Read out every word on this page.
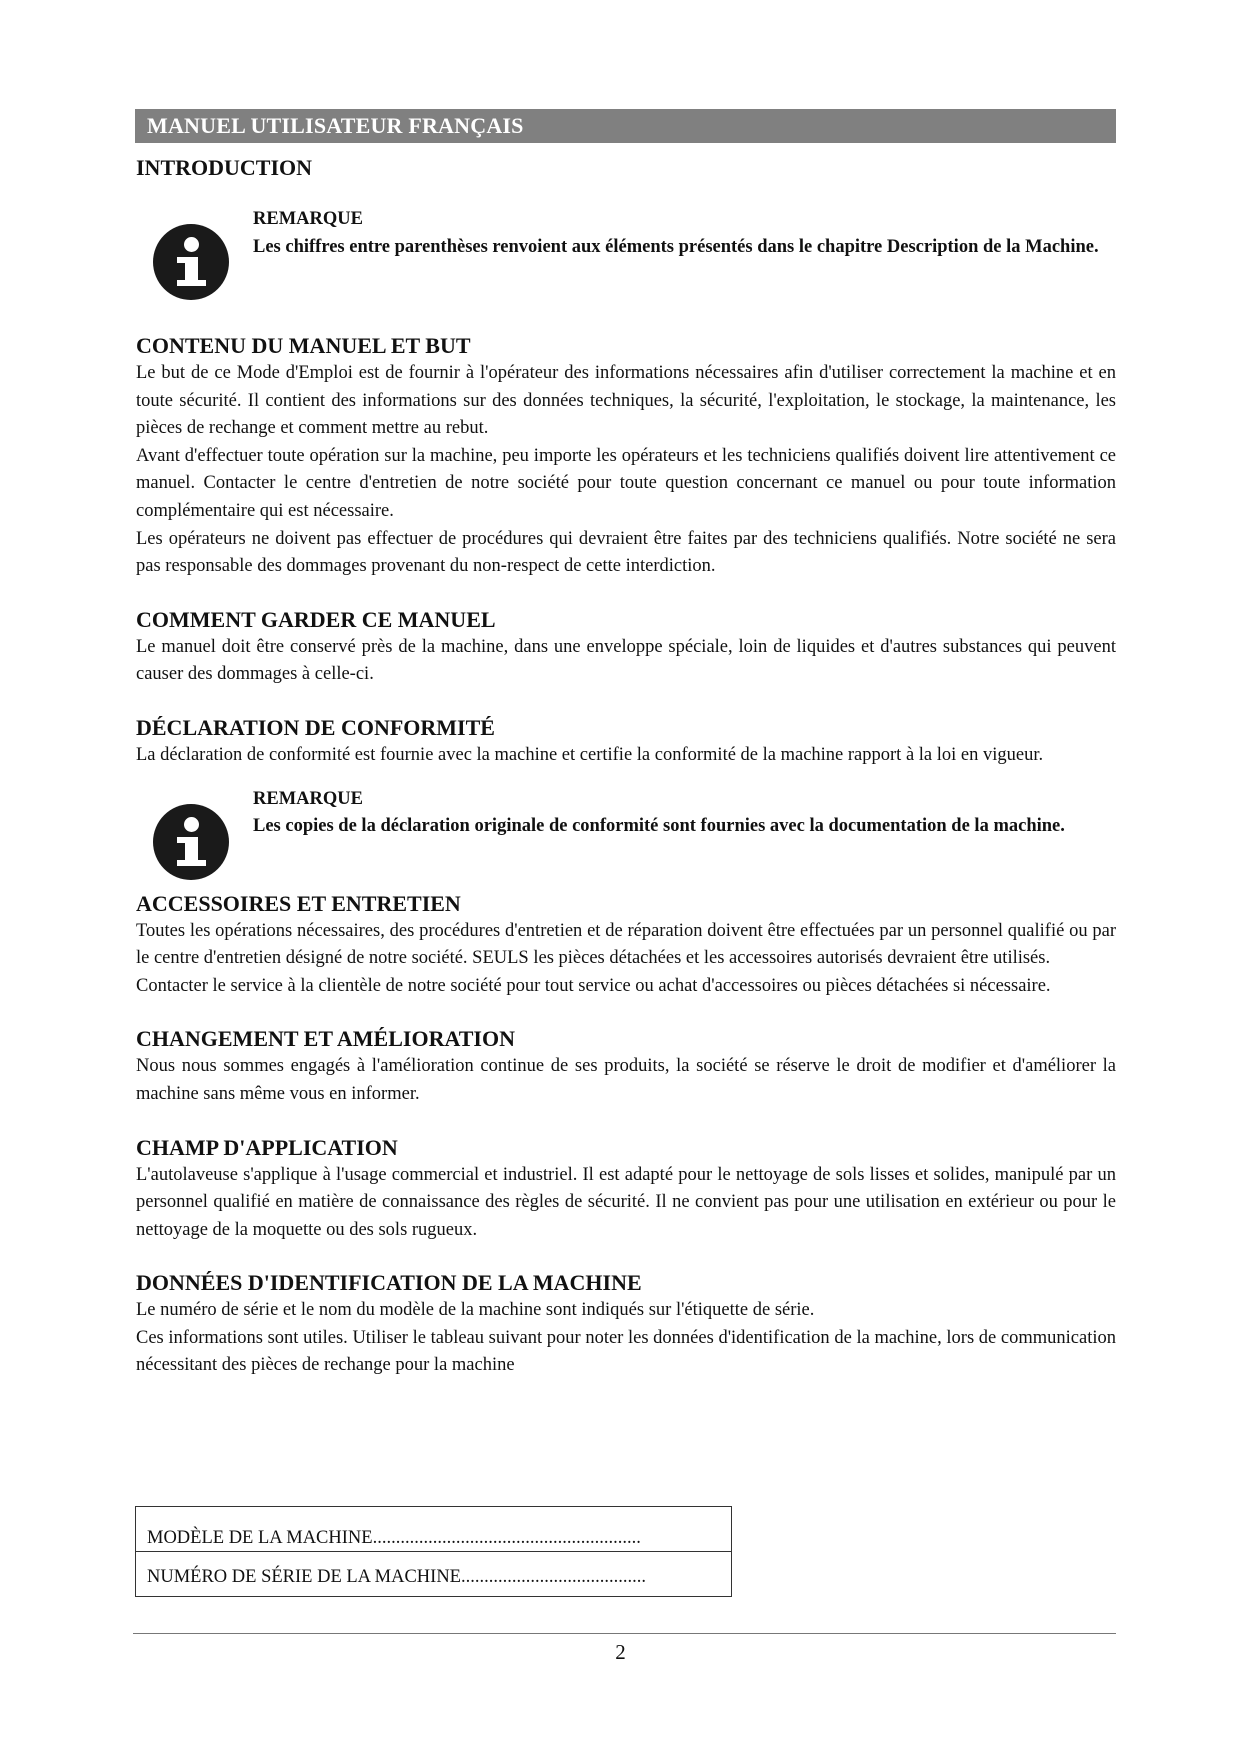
MANUEL UTILISATEUR FRANÇAIS
INTRODUCTION
REMARQUE
Les chiffres entre parenthèses renvoient aux éléments présentés dans le chapitre Description de la Machine.
CONTENU DU MANUEL ET BUT

Le but de ce Mode d'Emploi est de fournir à l'opérateur des informations nécessaires afin d'utiliser correctement la machine et en toute sécurité. Il contient des informations sur des données techniques, la sécurité, l'exploitation, le stockage, la maintenance, les pièces de rechange et comment mettre au rebut.

Avant d'effectuer toute opération sur la machine, peu importe les opérateurs et les techniciens qualifiés doivent lire attentivement ce manuel. Contacter le centre d'entretien de notre société pour toute question concernant ce manuel ou pour toute information complémentaire qui est nécessaire.

Les opérateurs ne doivent pas effectuer de procédures qui devraient être faites par des techniciens qualifiés. Notre société ne sera pas responsable des dommages provenant du non-respect de cette interdiction.

COMMENT GARDER CE MANUEL

Le manuel doit être conservé près de la machine, dans une enveloppe spéciale, loin de liquides et d'autres substances qui peuvent causer des dommages à celle-ci.

DÉCLARATION DE CONFORMITÉ

La déclaration de conformité est fournie avec la machine et certifie la conformité de la machine rapport à la loi en vigueur.

REMARQUE
Les copies de la déclaration originale de conformité sont fournies avec la documentation de la machine.
ACCESSOIRES ET ENTRETIEN

Toutes les opérations nécessaires, des procédures d'entretien et de réparation doivent être effectuées par un personnel qualifié ou par le centre d'entretien désigné de notre société. SEULS les pièces détachées et les accessoires autorisés devraient être utilisés.

Contacter le service à la clientèle de notre société pour tout service ou achat d'accessoires ou pièces détachées si nécessaire.

CHANGEMENT ET AMÉLIORATION

Nous nous sommes engagés à l'amélioration continue de ses produits, la société se réserve le droit de modifier et d'améliorer la machine sans même vous en informer.

CHAMP D'APPLICATION

L'autolaveuse s'applique à l'usage commercial et industriel. Il est adapté pour le nettoyage de sols lisses et solides, manipulé par un personnel qualifié en matière de connaissance des règles de sécurité. Il ne convient pas pour une utilisation en extérieur ou pour le nettoyage de la moquette ou des sols rugueux.

DONNÉES D'IDENTIFICATION DE LA MACHINE

Le numéro de série et le nom du modèle de la machine sont indiqués sur l'étiquette de série.

Ces informations sont utiles. Utiliser le tableau suivant pour noter les données d'identification de la machine, lors de communication nécessitant des pièces de rechange pour la machine

MODÈLE DE LA MACHINE..........................................................
NUMÉRO DE SÉRIE DE LA MACHINE........................................
2
